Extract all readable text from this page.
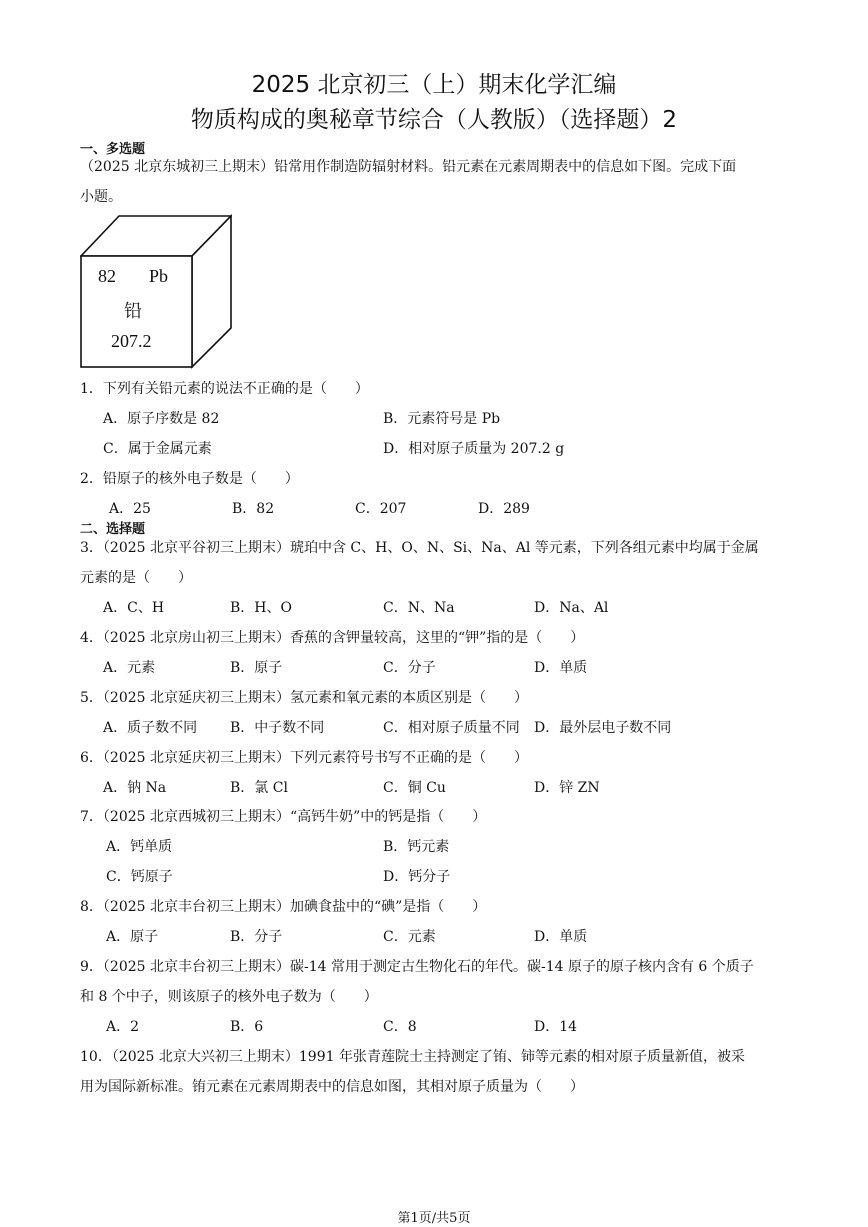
2025 北京初三（上）期末化学汇编
物质构成的奥秘章节综合（人教版）（选择题）2
一、多选题
（2025 北京东城初三上期末）铅常用作制造防辐射材料。铅元素在元素周期表中的信息如下图。完成下面
小题。
82 Pb
铅
207.2
1．下列有关铅元素的说法不正确的是（　　）
A．原子序数是 82	B．元素符号是 Pb
C．属于金属元素	D．相对原子质量为 207.2 g
2．铅原子的核外电子数是（　　）
A．25	B．82	C．207	D．289
二、选择题
3．（2025 北京平谷初三上期末）琥珀中含 C、H、O、N、Si、Na、Al 等元素，下列各组元素中均属于金属
元素的是（　　）
A．C、H	B．H、O	C．N、Na	D．Na、Al
4．（2025 北京房山初三上期末）香蕉的含钾量较高，这里的“钾”指的是（　　）
A．元素	B．原子	C．分子	D．单质
5．（2025 北京延庆初三上期末）氢元素和氧元素的本质区别是（　　）
A．质子数不同 B．中子数不同	C．相对原子质量不同 D．最外层电子数不同
6．（2025 北京延庆初三上期末）下列元素符号书写不正确的是（　　）
A．钠 Na	B．氯 Cl	C．铜 Cu	D．锌 ZN
7．（2025 北京西城初三上期末）“高钙牛奶”中的钙是指（　　）
A．钙单质	B．钙元素
C．钙原子	D．钙分子
8．（2025 北京丰台初三上期末）加碘食盐中的“碘”是指（　　）
A．原子	B．分子	C．元素	D．单质
9．（2025 北京丰台初三上期末）碳-14 常用于测定古生物化石的年代。碳-14 原子的原子核内含有 6 个质子
和 8 个中子，则该原子的核外电子数为（　　）
A．2	B．6	C．8	D．14
10．（2025 北京大兴初三上期末）1991 年张青莲院士主持测定了铕、铈等元素的相对原子质量新值，被采
用为国际新标准。铕元素在元素周期表中的信息如图，其相对原子质量为（　　）
第1页/共5页
